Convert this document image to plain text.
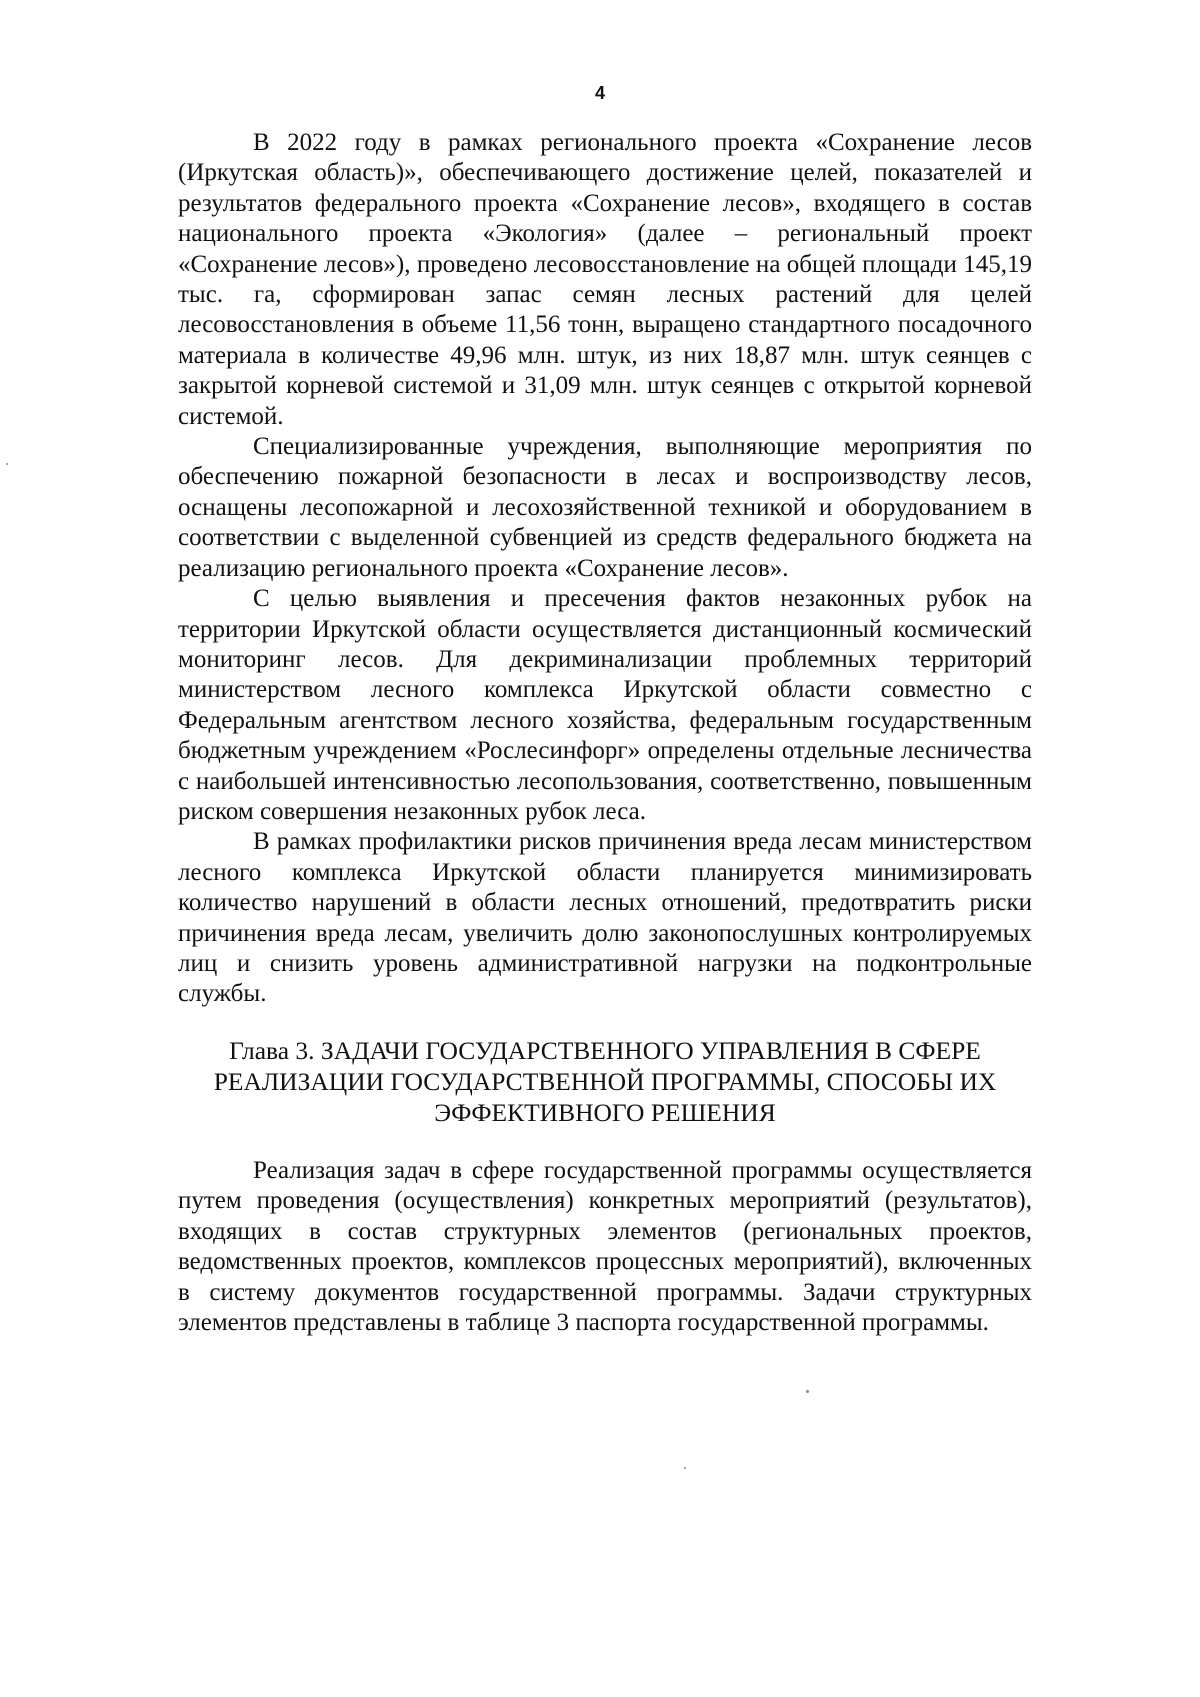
4

В 2022 году в рамках регионального проекта «Сохранение лесов (Иркутская область)», обеспечивающего достижение целей, показателей и результатов федерального проекта «Сохранение лесов», входящего в состав национального проекта «Экология» (далее – региональный проект «Сохранение лесов»), проведено лесовосстановление на общей площади 145,19 тыс. га, сформирован запас семян лесных растений для целей лесовосстановления в объеме 11,56 тонн, выращено стандартного посадочного материала в количестве 49,96 млн. штук, из них 18,87 млн. штук сеянцев с закрытой корневой системой и 31,09 млн. штук сеянцев с открытой корневой системой.

Специализированные учреждения, выполняющие мероприятия по обеспечению пожарной безопасности в лесах и воспроизводству лесов, оснащены лесопожарной и лесохозяйственной техникой и оборудованием в соответствии с выделенной субвенцией из средств федерального бюджета на реализацию регионального проекта «Сохранение лесов».

С целью выявления и пресечения фактов незаконных рубок на территории Иркутской области осуществляется дистанционный космический мониторинг лесов. Для декриминализации проблемных территорий министерством лесного комплекса Иркутской области совместно с Федеральным агентством лесного хозяйства, федеральным государственным бюджетным учреждением «Рослесинфорг» определены отдельные лесничества с наибольшей интенсивностью лесопользования, соответственно, повышенным риском совершения незаконных рубок леса.

В рамках профилактики рисков причинения вреда лесам министерством лесного комплекса Иркутской области планируется минимизировать количество нарушений в области лесных отношений, предотвратить риски причинения вреда лесам, увеличить долю законопослушных контролируемых лиц и снизить уровень административной нагрузки на подконтрольные службы.

Глава 3. ЗАДАЧИ ГОСУДАРСТВЕННОГО УПРАВЛЕНИЯ В СФЕРЕ
РЕАЛИЗАЦИИ ГОСУДАРСТВЕННОЙ ПРОГРАММЫ, СПОСОБЫ ИХ
ЭФФЕКТИВНОГО РЕШЕНИЯ

Реализация задач в сфере государственной программы осуществляется путем проведения (осуществления) конкретных мероприятий (результатов), входящих в состав структурных элементов (региональных проектов, ведомственных проектов, комплексов процессных мероприятий), включенных в систему документов государственной программы. Задачи структурных элементов представлены в таблице 3 паспорта государственной программы.
